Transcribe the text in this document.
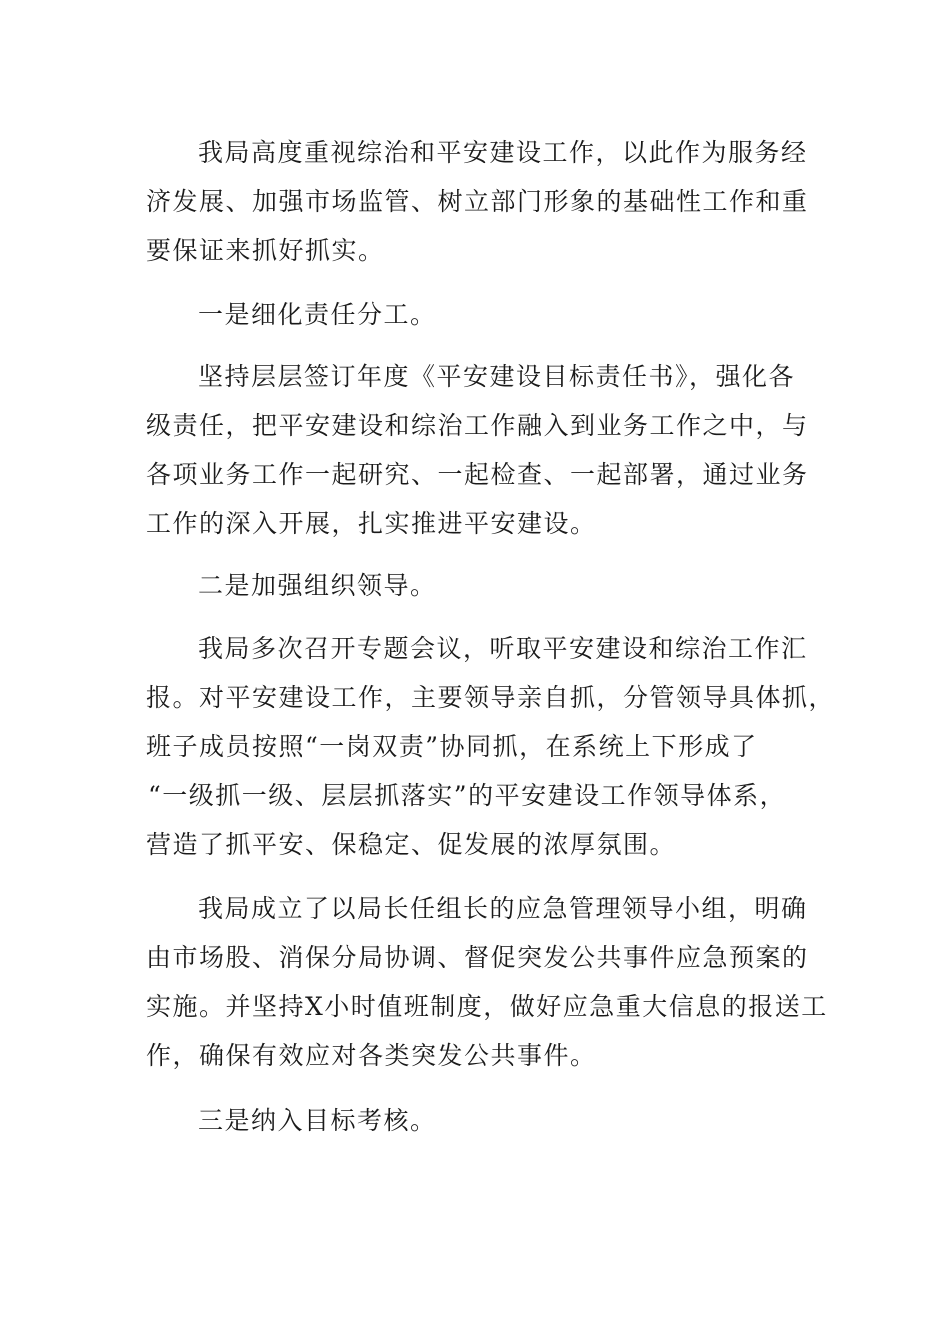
我局高度重视综治和平安建设工作，以此作为服务经

济发展、加强市场监管、树立部门形象的基础性工作和重

要保证来抓好抓实。

一是细化责任分工。

坚持层层签订年度《平安建设目标责任书》，强化各

级责任，把平安建设和综治工作融入到业务工作之中，与

各项业务工作一起研究、一起检查、一起部署，通过业务

工作的深入开展，扎实推进平安建设。

二是加强组织领导。

我局多次召开专题会议，听取平安建设和综治工作汇

报。对平安建设工作，主要领导亲自抓，分管领导具体抓，

班子成员按照“一岗双责”协同抓，在系统上下形成了

“一级抓一级、层层抓落实”的平安建设工作领导体系，

营造了抓平安、保稳定、促发展的浓厚氛围。

我局成立了以局长任组长的应急管理领导小组，明确

由市场股、消保分局协调、督促突发公共事件应急预案的

实施。并坚持X小时值班制度，做好应急重大信息的报送工

作，确保有效应对各类突发公共事件。

三是纳入目标考核。
